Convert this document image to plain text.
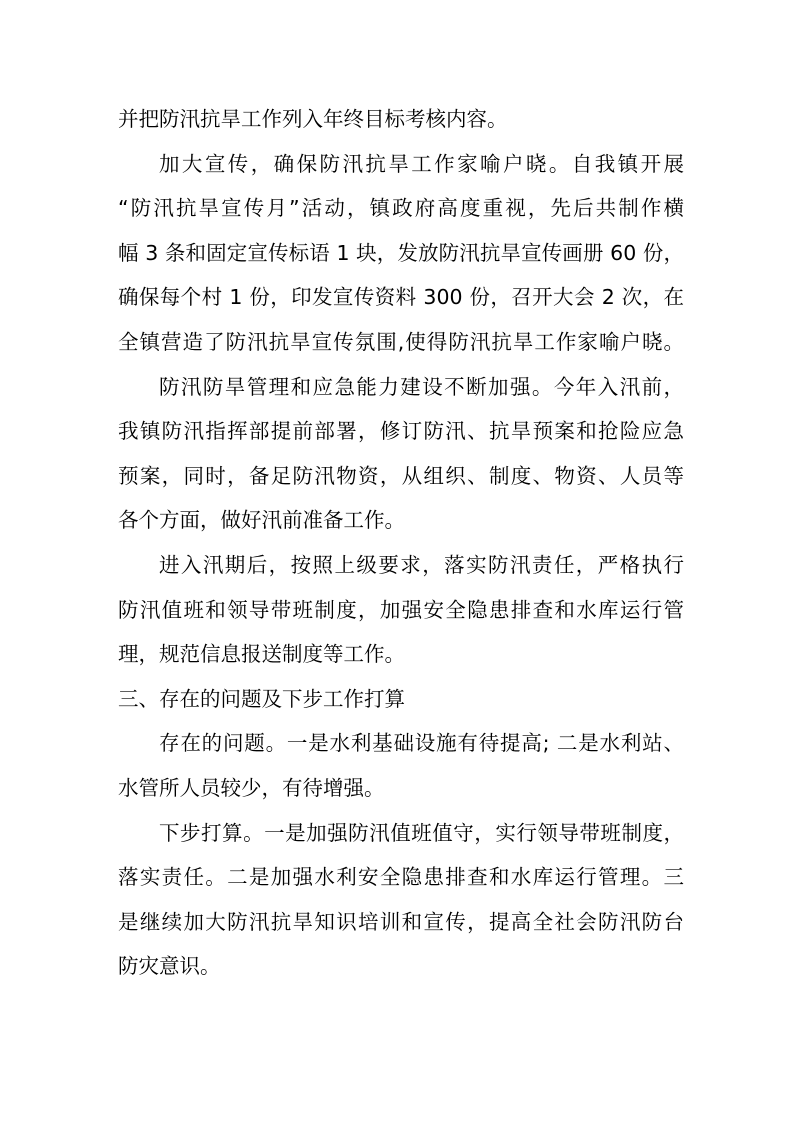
并把防汛抗旱工作列入年终目标考核内容。
加大宣传，确保防汛抗旱工作家喻户晓。自我镇开展
“防汛抗旱宣传月”活动，镇政府高度重视，先后共制作横
幅 3 条和固定宣传标语 1 块，发放防汛抗旱宣传画册 60 份，
确保每个村 1 份，印发宣传资料 300 份，召开大会 2 次，在
全镇营造了防汛抗旱宣传氛围,使得防汛抗旱工作家喻户晓。
防汛防旱管理和应急能力建设不断加强。今年入汛前，
我镇防汛指挥部提前部署，修订防汛、抗旱预案和抢险应急
预案，同时，备足防汛物资，从组织、制度、物资、人员等
各个方面，做好汛前准备工作。
进入汛期后，按照上级要求，落实防汛责任，严格执行
防汛值班和领导带班制度，加强安全隐患排查和水库运行管
理，规范信息报送制度等工作。
三、存在的问题及下步工作打算
存在的问题。一是水利基础设施有待提高; 二是水利站、
水管所人员较少，有待增强。
下步打算。一是加强防汛值班值守，实行领导带班制度，
落实责任。二是加强水利安全隐患排查和水库运行管理。三
是继续加大防汛抗旱知识培训和宣传，提高全社会防汛防台
防灾意识。
